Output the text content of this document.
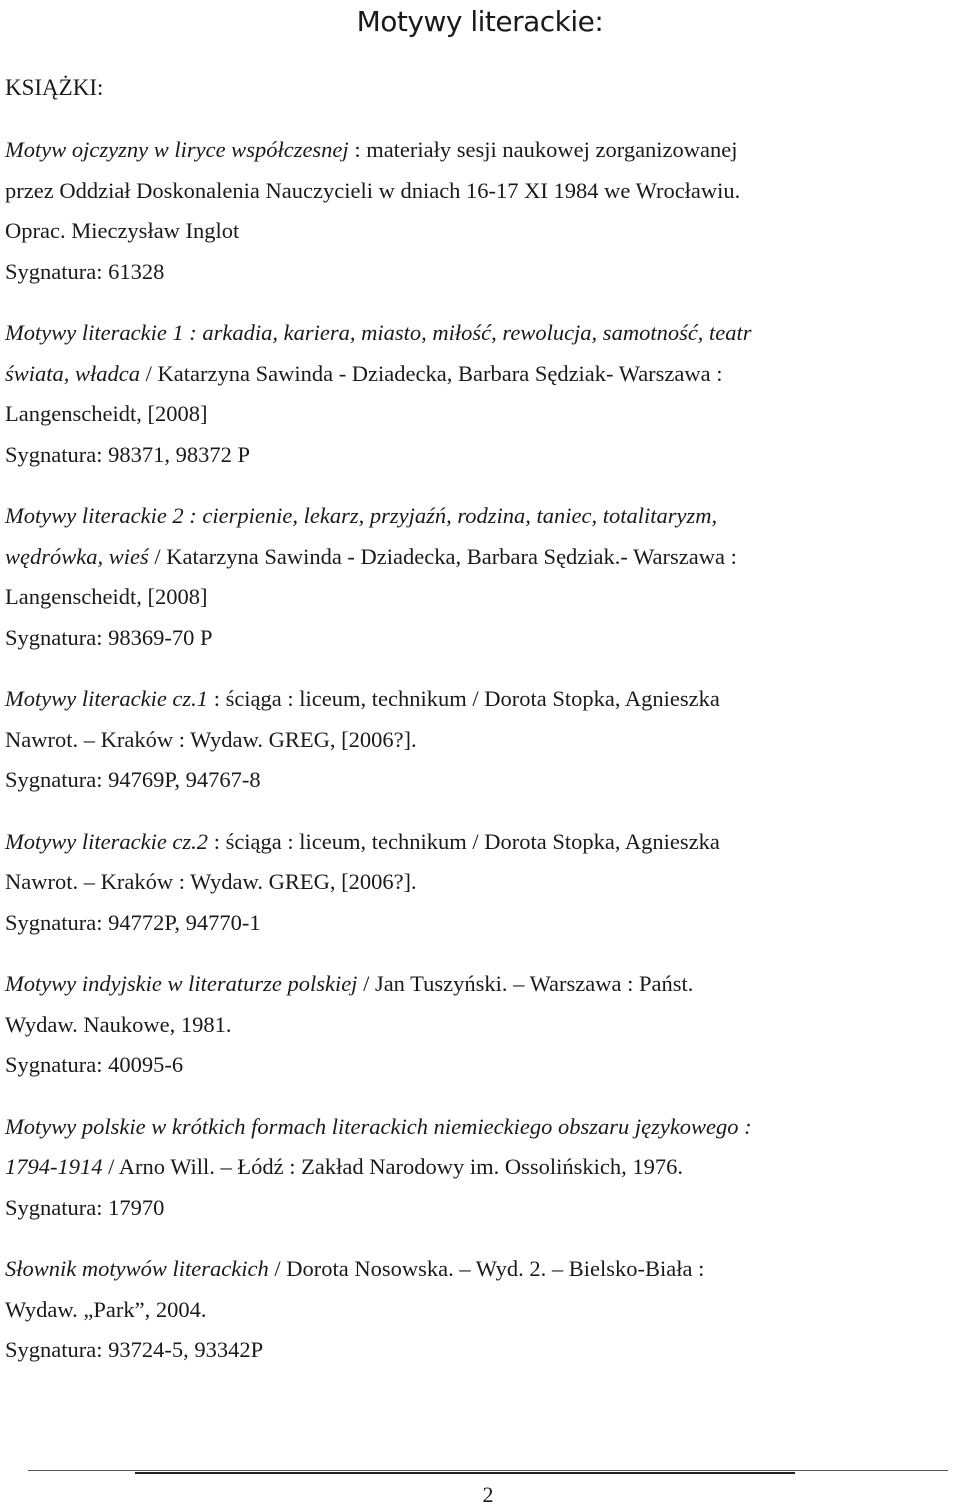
Motywy literackie:
KSIĄŻKI:

Motyw ojczyzny w liryce współczesnej : materiały sesji naukowej zorganizowanej

przez Oddział Doskonalenia Nauczycieli w dniach 16-17 XI 1984 we Wrocławiu.

Oprac. Mieczysław Inglot

Sygnatura: 61328

Motywy literackie 1 : arkadia, kariera, miasto, miłość, rewolucja, samotność, teatr

świata, władca / Katarzyna Sawinda - Dziadecka, Barbara Sędziak- Warszawa :

Langenscheidt, [2008]

Sygnatura: 98371, 98372 P

Motywy literackie 2 : cierpienie, lekarz, przyjaźń, rodzina, taniec, totalitaryzm,

wędrówka, wieś / Katarzyna Sawinda - Dziadecka, Barbara Sędziak.- Warszawa :

Langenscheidt, [2008]

Sygnatura: 98369-70 P

Motywy literackie cz.1 : ściąga : liceum, technikum / Dorota Stopka, Agnieszka

Nawrot. – Kraków : Wydaw. GREG, [2006?].

Sygnatura: 94769P, 94767-8

Motywy literackie cz.2 : ściąga : liceum, technikum / Dorota Stopka, Agnieszka

Nawrot. – Kraków : Wydaw. GREG, [2006?].

Sygnatura: 94772P, 94770-1

Motywy indyjskie w literaturze polskiej / Jan Tuszyński. – Warszawa : Państ.

Wydaw. Naukowe, 1981.

Sygnatura: 40095-6

Motywy polskie w krótkich formach literackich niemieckiego obszaru językowego :

1794-1914 / Arno Will. – Łódź : Zakład Narodowy im. Ossolińskich, 1976.

Sygnatura: 17970

Słownik motywów literackich / Dorota Nosowska. – Wyd. 2. – Bielsko-Biała :

Wydaw. „Park”, 2004.

Sygnatura: 93724-5, 93342P

2
